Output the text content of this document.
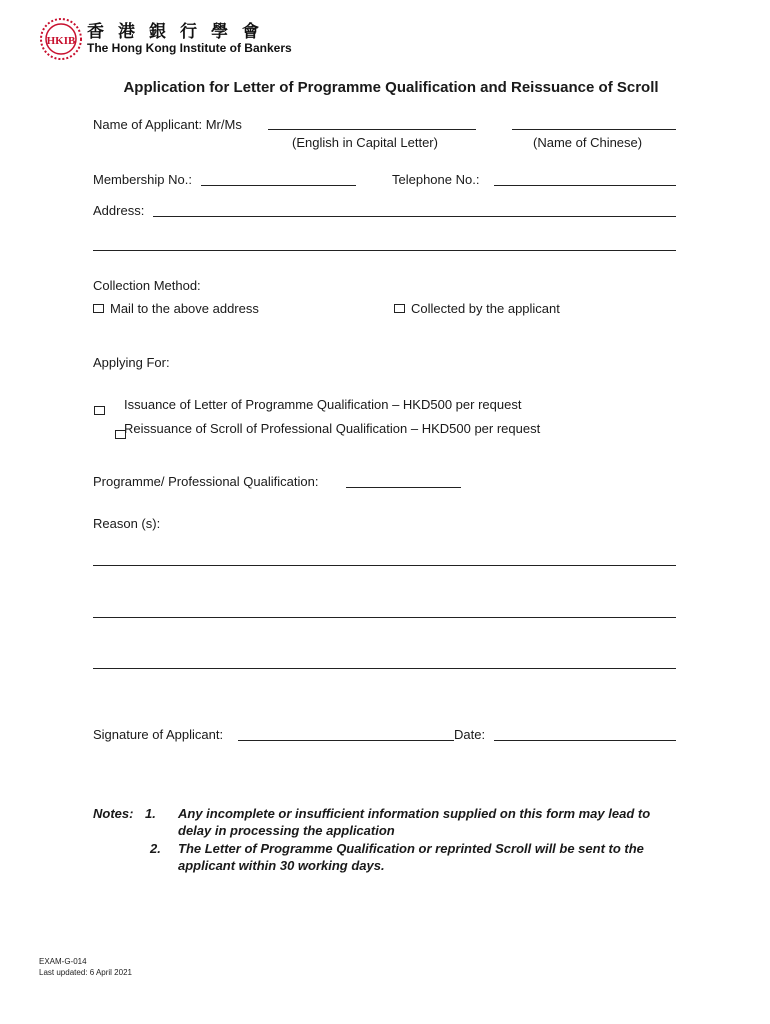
HKIB 香港銀行學會
The Hong Kong Institute of Bankers
Application for Letter of Programme Qualification and Reissuance of Scroll
Name of Applicant: Mr/Ms
(English in Capital Letter)	(Name of Chinese)
Membership No.:	Telephone No.:
Address:
Collection Method:
Mail to the above address	Collected by the applicant
Applying For:

Issuance of Letter of Programme Qualification – HKD500 per request
Reissuance of Scroll of Professional Qualification – HKD500 per request
Programme/ Professional Qualification:
Reason (s):
Signature of Applicant:	Date:
Notes: 1. Any incomplete or insufficient information supplied on this form may lead to
delay in processing the application
2. The Letter of Programme Qualification or reprinted Scroll will be sent to the
applicant within 30 working days.
EXAM-G-014
Last updated: 6 April 2021
